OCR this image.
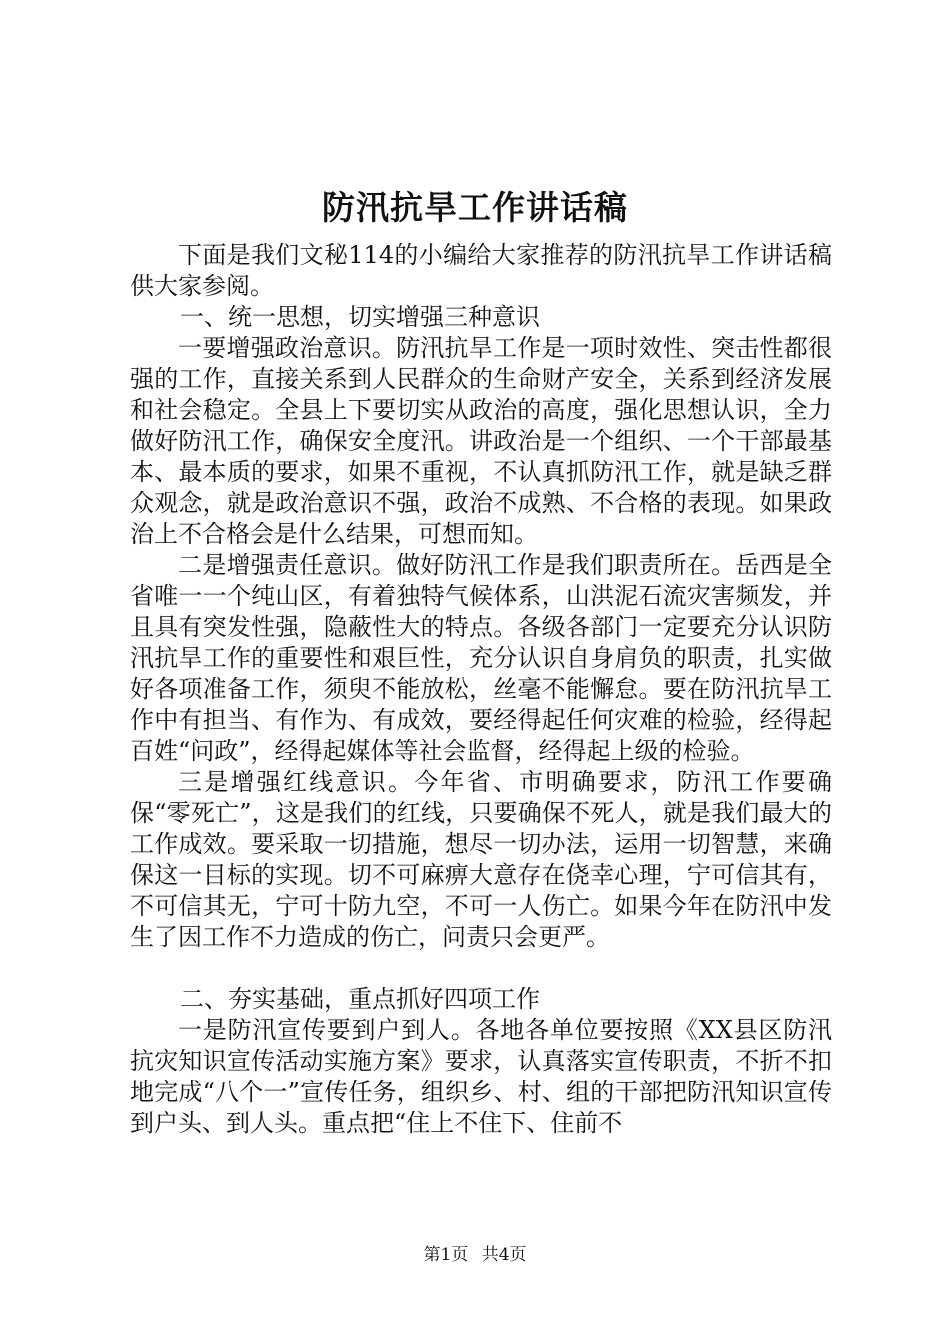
防汛抗旱工作讲话稿

下面是我们文秘114的小编给大家推荐的防汛抗旱工作讲话稿供大家参阅。

一、统一思想，切实增强三种意识

一要增强政治意识。防汛抗旱工作是一项时效性、突击性都很强的工作，直接关系到人民群众的生命财产安全，关系到经济发展和社会稳定。全县上下要切实从政治的高度，强化思想认识，全力做好防汛工作，确保安全度汛。讲政治是一个组织、一个干部最基本、最本质的要求，如果不重视，不认真抓防汛工作，就是缺乏群众观念，就是政治意识不强，政治不成熟、不合格的表现。如果政治上不合格会是什么结果，可想而知。

二是增强责任意识。做好防汛工作是我们职责所在。岳西是全省唯一一个纯山区，有着独特气候体系，山洪泥石流灾害频发，并且具有突发性强，隐蔽性大的特点。各级各部门一定要充分认识防汛抗旱工作的重要性和艰巨性，充分认识自身肩负的职责，扎实做好各项准备工作，须臾不能放松，丝毫不能懈怠。要在防汛抗旱工作中有担当、有作为、有成效，要经得起任何灾难的检验，经得起百姓“问政”，经得起媒体等社会监督，经得起上级的检验。

三是增强红线意识。今年省、市明确要求，防汛工作要确保“零死亡”，这是我们的红线，只要确保不死人，就是我们最大的工作成效。要采取一切措施，想尽一切办法，运用一切智慧，来确保这一目标的实现。切不可麻痹大意存在侥幸心理，宁可信其有，不可信其无，宁可十防九空，不可一人伤亡。如果今年在防汛中发生了因工作不力造成的伤亡，问责只会更严。

二、夯实基础，重点抓好四项工作

一是防汛宣传要到户到人。各地各单位要按照《XX县区防汛抗灾知识宣传活动实施方案》要求，认真落实宣传职责，不折不扣地完成“八个一”宣传任务，组织乡、村、组的干部把防汛知识宣传到户头、到人头。重点把“住上不住下、住前不

第1页 共4页
